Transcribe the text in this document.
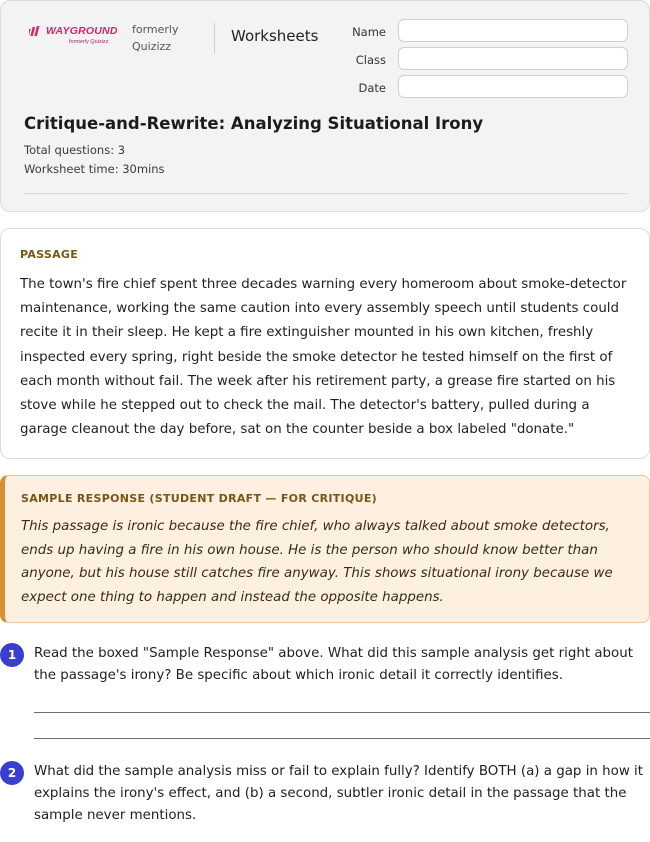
WAYGROUND
formerly Quizizz
formerly
Quizizz
Worksheets	Name
Class
Date
Critique-and-Rewrite: Analyzing Situational Irony
Total questions: 3
Worksheet time: 30mins
PASSAGE
The town's fire chief spent three decades warning every homeroom about smoke-detector maintenance, working the same caution into every assembly speech until students could recite it in their sleep. He kept a fire extinguisher mounted in his own kitchen, freshly inspected every spring, right beside the smoke detector he tested himself on the first of each month without fail. The week after his retirement party, a grease fire started on his stove while he stepped out to check the mail. The detector's battery, pulled during a garage cleanout the day before, sat on the counter beside a box labeled "donate."
SAMPLE RESPONSE (STUDENT DRAFT — FOR CRITIQUE)
This passage is ironic because the fire chief, who always talked about smoke detectors, ends up having a fire in his own house. He is the person who should know better than anyone, but his house still catches fire anyway. This shows situational irony because we expect one thing to happen and instead the opposite happens.
1	Read the boxed "Sample Response" above. What did this sample analysis get right about the passage's irony? Be specific about which ironic detail it correctly identifies.
2	What did the sample analysis miss or fail to explain fully? Identify BOTH (a) a gap in how it explains the irony's effect, and (b) a second, subtler ironic detail in the passage that the sample never mentions.
